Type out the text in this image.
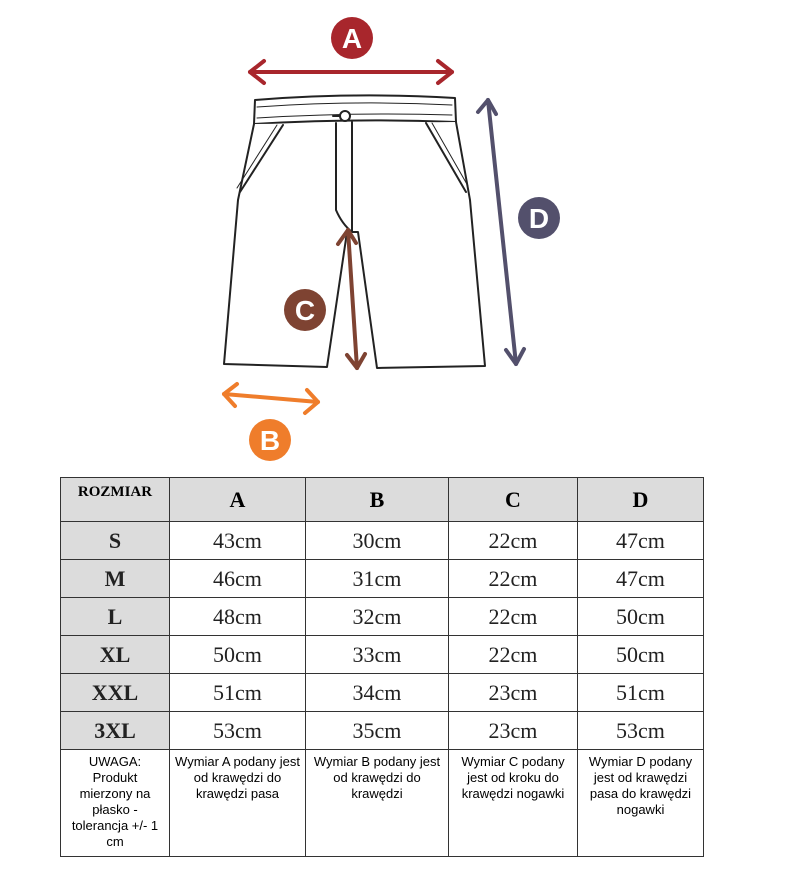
A
D
C
B
ROZMIAR	A	B	C	D
S	43cm	30cm	22cm	47cm
M	46cm	31cm	22cm	47cm
L	48cm	32cm	22cm	50cm
XL	50cm	33cm	22cm	50cm
XXL	51cm	34cm	23cm	51cm
3XL	53cm	35cm	23cm	53cm
UWAGA: Produkt mierzony na płasko - tolerancja +/- 1 cm	Wymiar A podany jest od krawędzi do krawędzi pasa	Wymiar B podany jest od krawędzi do krawędzi	Wymiar C podany jest od kroku do krawędzi nogawki	Wymiar D podany jest od krawędzi pasa do krawędzi nogawki
